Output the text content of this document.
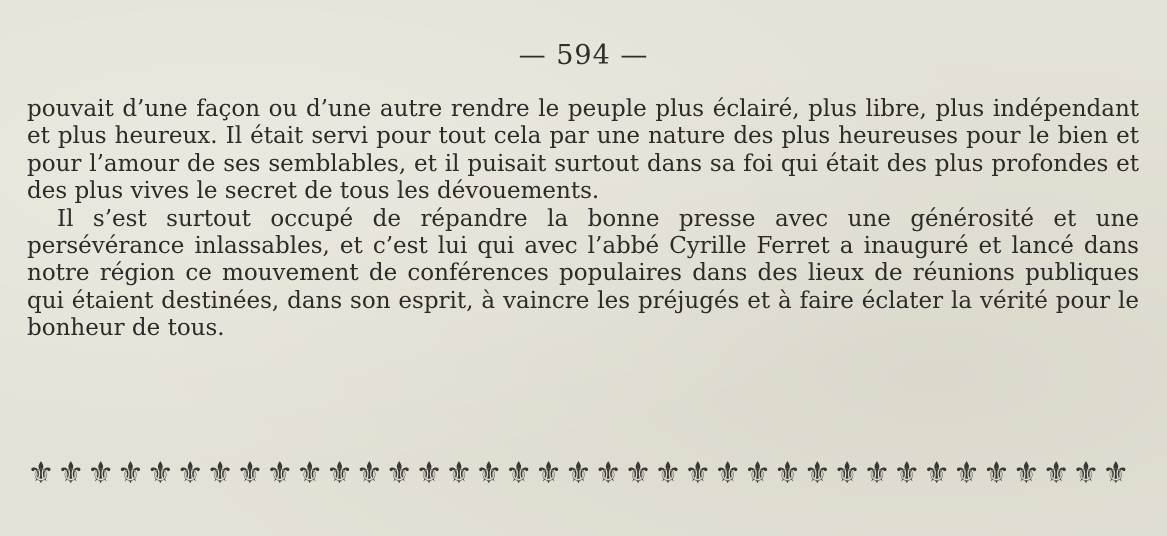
— 594 —

pouvait d’une façon ou d’une autre rendre le peuple plus éclairé, plus libre, plus indépendant et plus heureux. Il était servi pour tout cela par une nature des plus heureuses pour le bien et pour l’amour de ses semblables, et il puisait surtout dans sa foi qui était des plus profondes et des plus vives le secret de tous les dévouements.

Il s’est surtout occupé de répandre la bonne presse avec une générosité et une persévérance inlassables, et c’est lui qui avec l’abbé Cyrille Ferret a inauguré et lancé dans notre région ce mouvement de conférences populaires dans des lieux de réunions publiques qui étaient destinées, dans son esprit, à vaincre les préjugés et à faire éclater la vérité pour le bonheur de tous.

⚜ ⚜ ⚜ ⚜ ⚜ ⚜ ⚜ ⚜ ⚜ ⚜ ⚜ ⚜ ⚜ ⚜ ⚜ ⚜ ⚜ ⚜ ⚜ ⚜ ⚜ ⚜ ⚜ ⚜ ⚜ ⚜ ⚜ ⚜ ⚜ ⚜ ⚜ ⚜ ⚜ ⚜ ⚜ ⚜ ⚜
